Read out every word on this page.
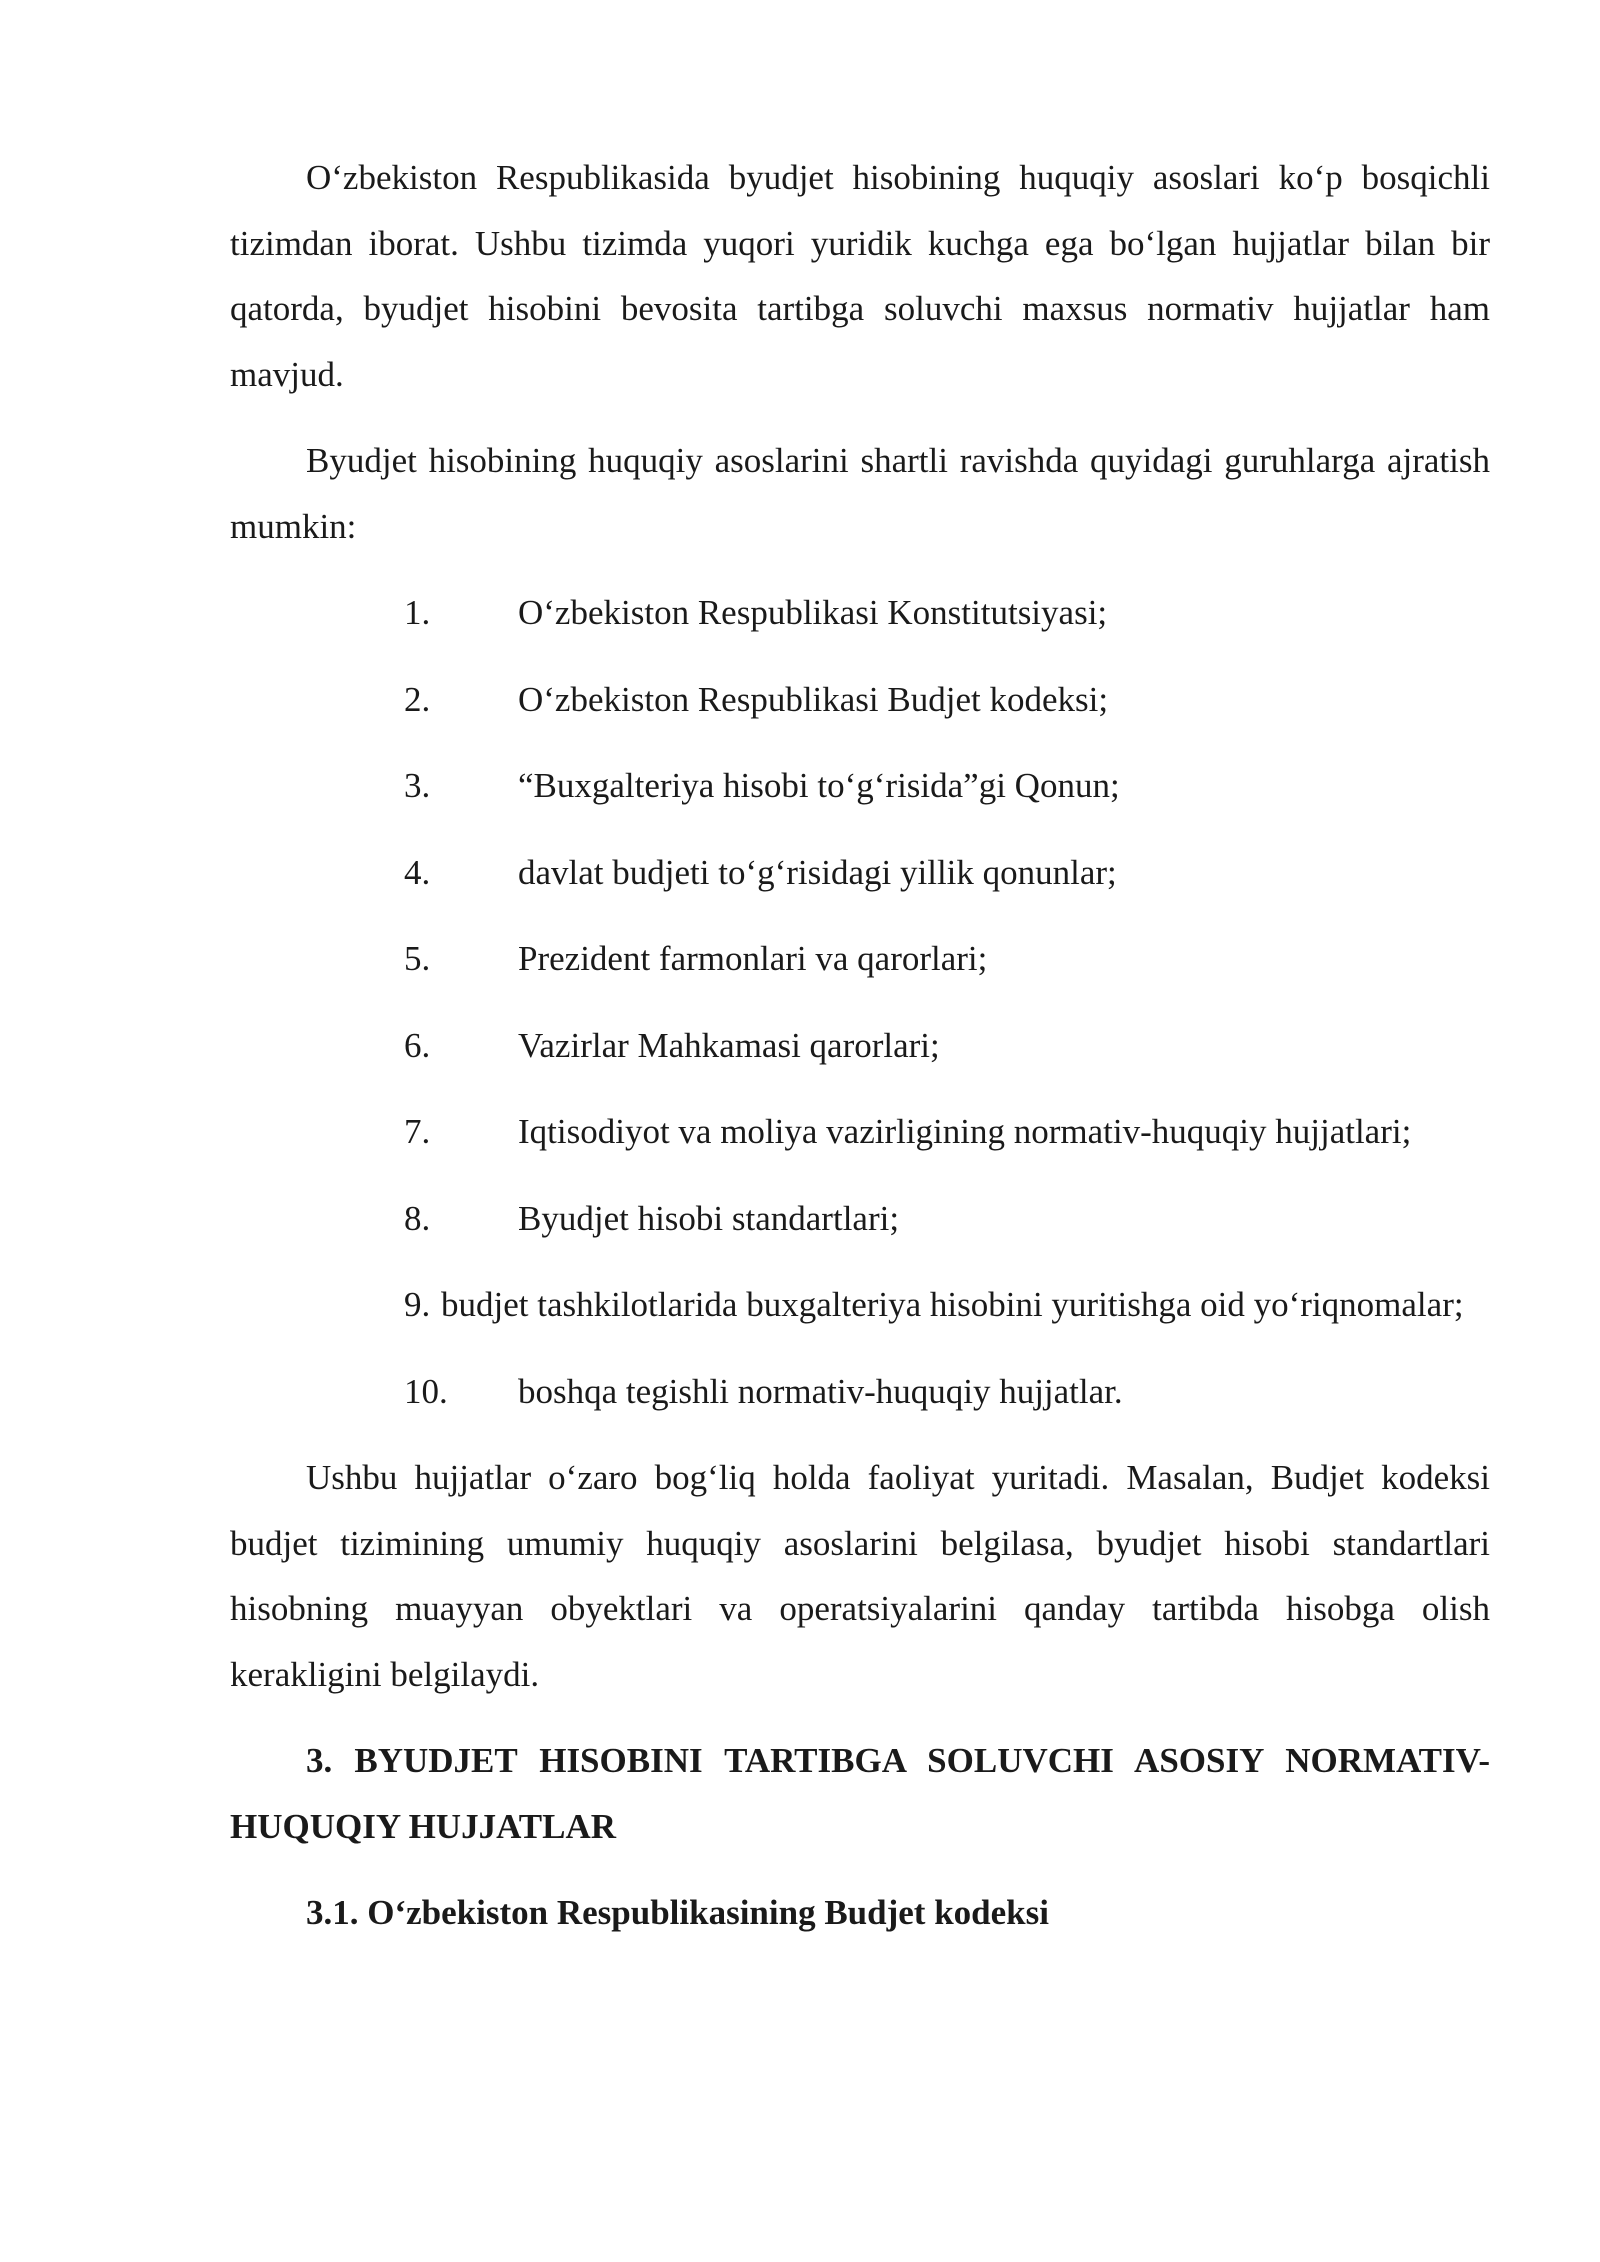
O‘zbekiston Respublikasida byudjet hisobining huquqiy asoslari ko‘p bosqichli tizimdan iborat. Ushbu tizimda yuqori yuridik kuchga ega bo‘lgan hujjatlar bilan bir qatorda, byudjet hisobini bevosita tartibga soluvchi maxsus normativ hujjatlar ham mavjud.

Byudjet hisobining huquqiy asoslarini shartli ravishda quyidagi guruhlarga ajratish mumkin:

1.	O‘zbekiston Respublikasi Konstitutsiyasi;
2.	O‘zbekiston Respublikasi Budjet kodeksi;
3.	“Buxgalteriya hisobi to‘g‘risida”gi Qonun;
4.	davlat budjeti to‘g‘risidagi yillik qonunlar;
5.	Prezident farmonlari va qarorlari;
6.	Vazirlar Mahkamasi qarorlari;
7.	Iqtisodiyot va moliya vazirligining normativ-huquqiy hujjatlari;
8.	Byudjet hisobi standartlari;
9. budjet tashkilotlarida buxgalteriya hisobini yuritishga oid yo‘riqnomalar;
10.	boshqa tegishli normativ-huquqiy hujjatlar.

Ushbu hujjatlar o‘zaro bog‘liq holda faoliyat yuritadi. Masalan, Budjet kodeksi budjet tizimining umumiy huquqiy asoslarini belgilasa, byudjet hisobi standartlari hisobning muayyan obyektlari va operatsiyalarini qanday tartibda hisobga olish kerakligini belgilaydi.

3. BYUDJET HISOBINI TARTIBGA SOLUVCHI ASOSIY NORMATIV-HUQUQIY HUJJATLAR
3.1. O‘zbekiston Respublikasining Budjet kodeksi
